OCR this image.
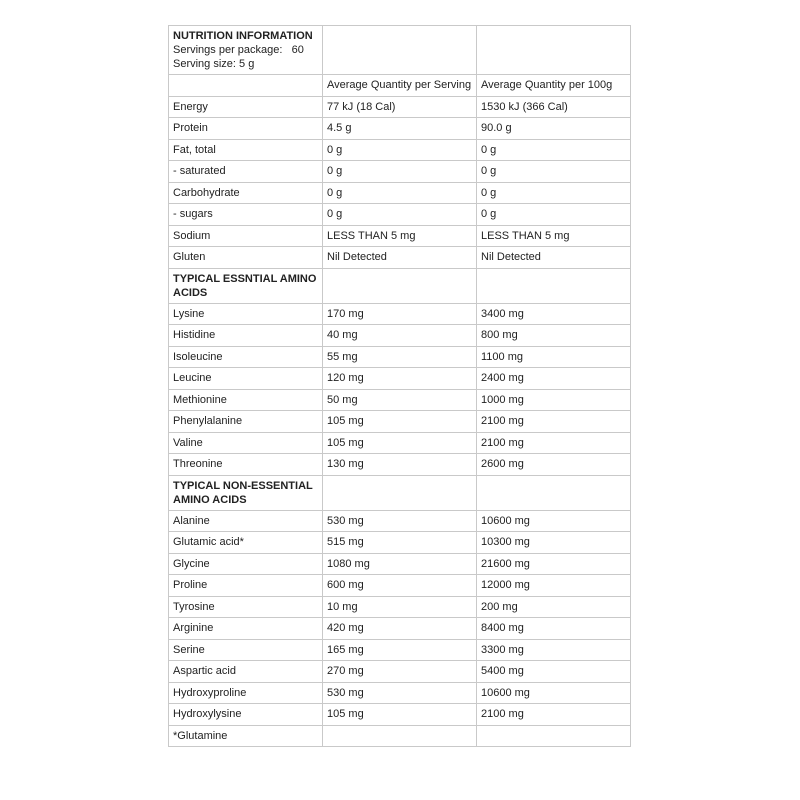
NUTRITION INFORMATION
Servings per package:   60
Serving size: 5 g		

	Average Quantity per Serving	Average Quantity per 100g
Energy	77 kJ (18 Cal)	1530 kJ (366 Cal)
Protein	4.5 g	90.0 g
Fat, total	0 g	0 g
- saturated	0 g	0 g
Carbohydrate	0 g	0 g
- sugars	0 g	0 g
Sodium	LESS THAN 5 mg	LESS THAN 5 mg
Gluten	Nil Detected	Nil Detected

TYPICAL ESSNTIAL AMINO ACIDS		

Lysine	170 mg	3400 mg
Histidine	40 mg	800 mg
Isoleucine	55 mg	1100 mg
Leucine	120 mg	2400 mg
Methionine	50 mg	1000 mg
Phenylalanine	105 mg	2100 mg
Valine	105 mg	2100 mg
Threonine	130 mg	2600 mg

TYPICAL NON-ESSENTIAL AMINO ACIDS		

Alanine	530 mg	10600 mg
Glutamic acid*	515 mg	10300 mg
Glycine	1080 mg	21600 mg
Proline	600 mg	12000 mg
Tyrosine	10 mg	200 mg
Arginine	420 mg	8400 mg
Serine	165 mg	3300 mg
Aspartic acid	270 mg	5400 mg
Hydroxyproline	530 mg	10600 mg
Hydroxylysine	105 mg	2100 mg
*Glutamine		
